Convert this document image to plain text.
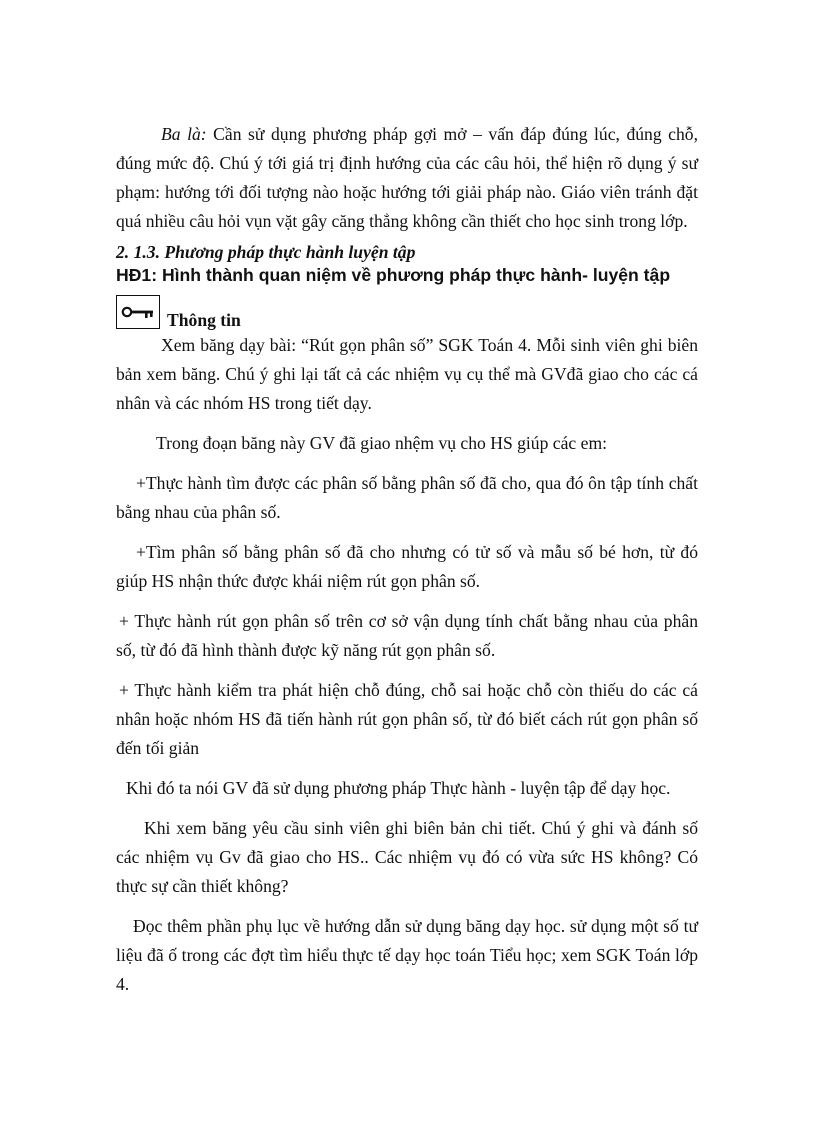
Ba là: Cần sử dụng phương pháp gợi mở – vấn đáp đúng lúc, đúng chỗ, đúng mức độ. Chú ý tới giá trị định hướng của các câu hỏi, thể hiện rõ dụng ý sư phạm: hướng tới đối tượng nào hoặc hướng tới giải pháp nào. Giáo viên tránh đặt quá nhiều câu hỏi vụn vặt gây căng thẳng không cần thiết cho học sinh trong lớp.

2. 1.3. Phương pháp thực hành luyện tập
HĐ1: Hình thành quan niệm về phương pháp thực hành- luyện tập
Thông tin

Xem băng dạy bài: “Rút gọn phân số” SGK Toán 4. Mỗi sinh viên ghi biên bản xem băng. Chú ý ghi lại tất cả các nhiệm vụ cụ thể mà GVđã giao cho các cá nhân và các nhóm HS trong tiết dạy.

Trong đoạn băng này GV đã giao nhệm vụ cho HS giúp các em:

+Thực hành tìm được các phân số bằng phân số đã cho, qua đó ôn tập tính chất bằng nhau của phân số.

+Tìm phân số bằng phân số đã cho nhưng có tử số và mẫu số bé hơn, từ đó giúp HS nhận thức được khái niệm rút gọn phân số.

+ Thực hành rút gọn phân số trên cơ sở vận dụng tính chất bằng nhau của phân số, từ đó đã hình thành được kỹ năng rút gọn phân số.

+ Thực hành kiểm tra phát hiện chỗ đúng, chỗ sai hoặc chỗ còn thiếu do các cá nhân hoặc nhóm HS đã tiến hành rút gọn phân số, từ đó biết cách rút gọn phân số đến tối giản

Khi đó ta nói GV đã sử dụng phương pháp Thực hành - luyện tập để dạy học.

Khi xem băng yêu cầu sinh viên ghi biên bản chi tiết. Chú ý ghi và đánh số các nhiệm vụ Gv đã giao cho HS.. Các nhiệm vụ đó có vừa sức HS không? Có thực sự cần thiết không?

Đọc thêm phần phụ lục về hướng dẫn sử dụng băng dạy học. sử dụng một số tư liệu đã ố trong các đợt tìm hiểu thực tế dạy học toán Tiểu học; xem SGK Toán lớp 4.
